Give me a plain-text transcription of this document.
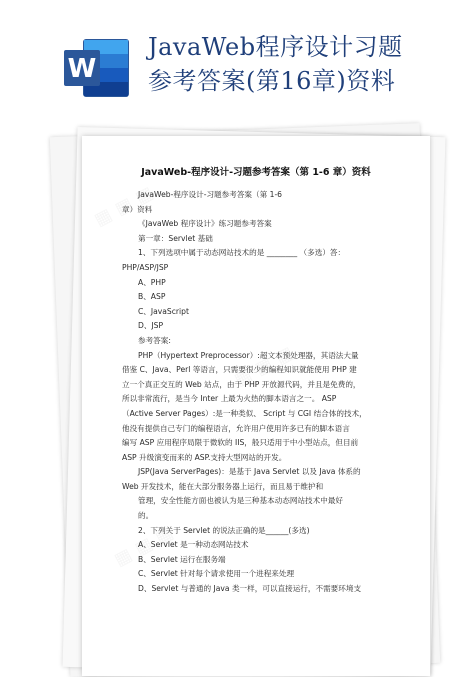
W
JavaWeb程序设计习题
参考答案(第16章)资料
JavaWeb-程序设计-习题参考答案（第 1-6 章）资料

JavaWeb-程序设计-习题参考答案（第 1-6

章）资料

《JavaWeb 程序设计》练习题参考答案

第一章：Servlet 基础

1、下列选项中属于动态网站技术的是 ________ （多选）答：

PHP/ASP/JSP

A、PHP

B、ASP

C、JavaScript

D、JSP

参考答案:

PHP（Hypertext Preprocessor）:超文本预处理器，其语法大量

借鉴 C、Java、Perl 等语言，只需要很少的编程知识就能使用 PHP 建

立一个真正交互的 Web 站点，由于 PHP 开放源代码，并且是免费的，

所以非常流行，是当今 Inter 上最为火热的脚本语言之一。 ASP

（Active Server Pages）:是一种类似、 Script 与 CGI 结合体的技术，

他没有提供自己专门的编程语言，允许用户使用许多已有的脚本语言

编写 ASP 应用程序局限于微软的 IIS，般只适用于中小型站点，但目前

ASP 升级演变而来的 ASP.支持大型网站的开发。

JSP(Java ServerPages)：是基于 Java Servlet 以及 Java 体系的

Web 开发技术，能在大部分服务器上运行，而且易于维护和

管理，安全性能方面也被认为是三种基本动态网站技术中最好

的。

2、下列关于 Servlet 的说法正确的是______(多选)

A、Servlet 是一种动态网站技术

B、Servlet 运行在服务端

C、Servlet 针对每个请求使用一个进程来处理

D、Servlet 与普通的 Java 类一样，可以直接运行，不需要环境支
